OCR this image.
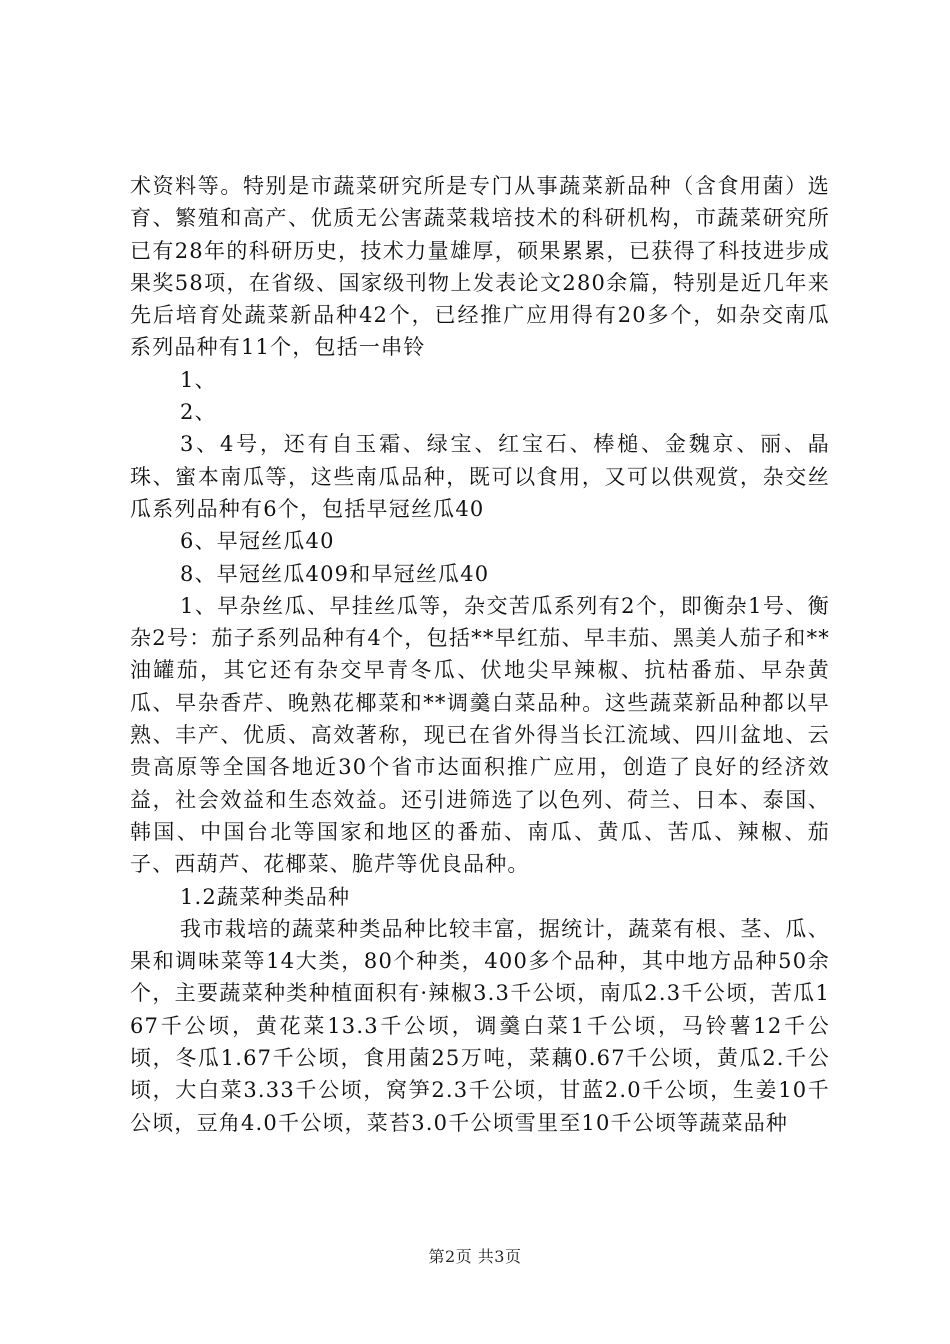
术资料等。特别是市蔬菜研究所是专门从事蔬菜新品种（含食用菌）选育、繁殖和高产、优质无公害蔬菜栽培技术的科研机构，市蔬菜研究所已有28年的科研历史，技术力量雄厚，硕果累累，已获得了科技进步成果奖58项，在省级、国家级刊物上发表论文280余篇，特别是近几年来先后培育处蔬菜新品种42个，已经推广应用得有20多个，如杂交南瓜系列品种有11个，包括一串铃

1、

2、

3、4号，还有自玉霜、绿宝、红宝石、棒槌、金魏京、丽、晶珠、蜜本南瓜等，这些南瓜品种，既可以食用，又可以供观赏，杂交丝瓜系列品种有6个，包括早冠丝瓜40

6、早冠丝瓜40

8、早冠丝瓜409和早冠丝瓜40

1、早杂丝瓜、早挂丝瓜等，杂交苦瓜系列有2个，即衡杂1号、衡杂2号：茄子系列品种有4个，包括**早红茄、早丰茄、黑美人茄子和**油罐茄，其它还有杂交早青冬瓜、伏地尖早辣椒、抗枯番茄、早杂黄瓜、早杂香芹、晚熟花椰菜和**调羹白菜品种。这些蔬菜新品种都以早熟、丰产、优质、高效著称，现已在省外得当长江流域、四川盆地、云贵高原等全国各地近30个省市达面积推广应用，创造了良好的经济效益，社会效益和生态效益。还引进筛选了以色列、荷兰、日本、泰国、韩国、中国台北等国家和地区的番茄、南瓜、黄瓜、苦瓜、辣椒、茄子、西葫芦、花椰菜、脆芹等优良品种。

1.2蔬菜种类品种

我市栽培的蔬菜种类品种比较丰富，据统计，蔬菜有根、茎、瓜、果和调味菜等14大类，80个种类，400多个品种，其中地方品种50余个，主要蔬菜种类种植面积有·辣椒3.3千公顷，南瓜2.3千公顷，苦瓜167千公顷，黄花菜13.3千公顷，调羹白菜1千公顷，马铃薯12千公顷，冬瓜1.67千公顷，食用菌25万吨，菜藕0.67千公顷，黄瓜2.千公顷，大白菜3.33千公顷，窝笋2.3千公顷，甘蓝2.0千公顷，生姜10千公顷，豆角4.0千公顷，菜苔3.0千公顷雪里至10千公顷等蔬菜品种

第2页 共3页
